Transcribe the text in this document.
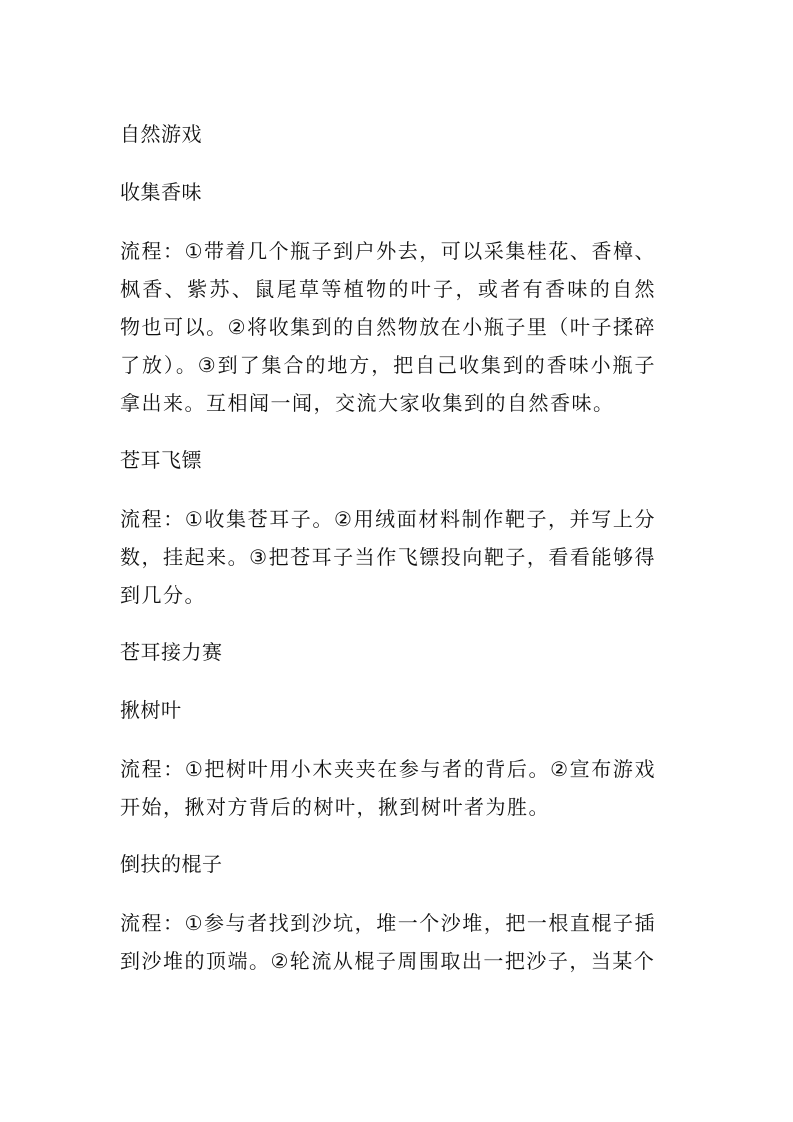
自然游戏
收集香味

流程：①带着几个瓶子到户外去，可以采集桂花、香樟、枫香、紫苏、鼠尾草等植物的叶子，或者有香味的自然物也可以。②将收集到的自然物放在小瓶子里（叶子揉碎了放）。③到了集合的地方，把自己收集到的香味小瓶子拿出来。互相闻一闻，交流大家收集到的自然香味。

苍耳飞镖

流程：①收集苍耳子。②用绒面材料制作靶子，并写上分数，挂起来。③把苍耳子当作飞镖投向靶子，看看能够得到几分。

苍耳接力赛
揪树叶

流程：①把树叶用小木夹夹在参与者的背后。②宣布游戏开始，揪对方背后的树叶，揪到树叶者为胜。

倒扶的棍子

流程：①参与者找到沙坑，堆一个沙堆，把一根直棍子插到沙堆的顶端。②轮流从棍子周围取出一把沙子，当某个
